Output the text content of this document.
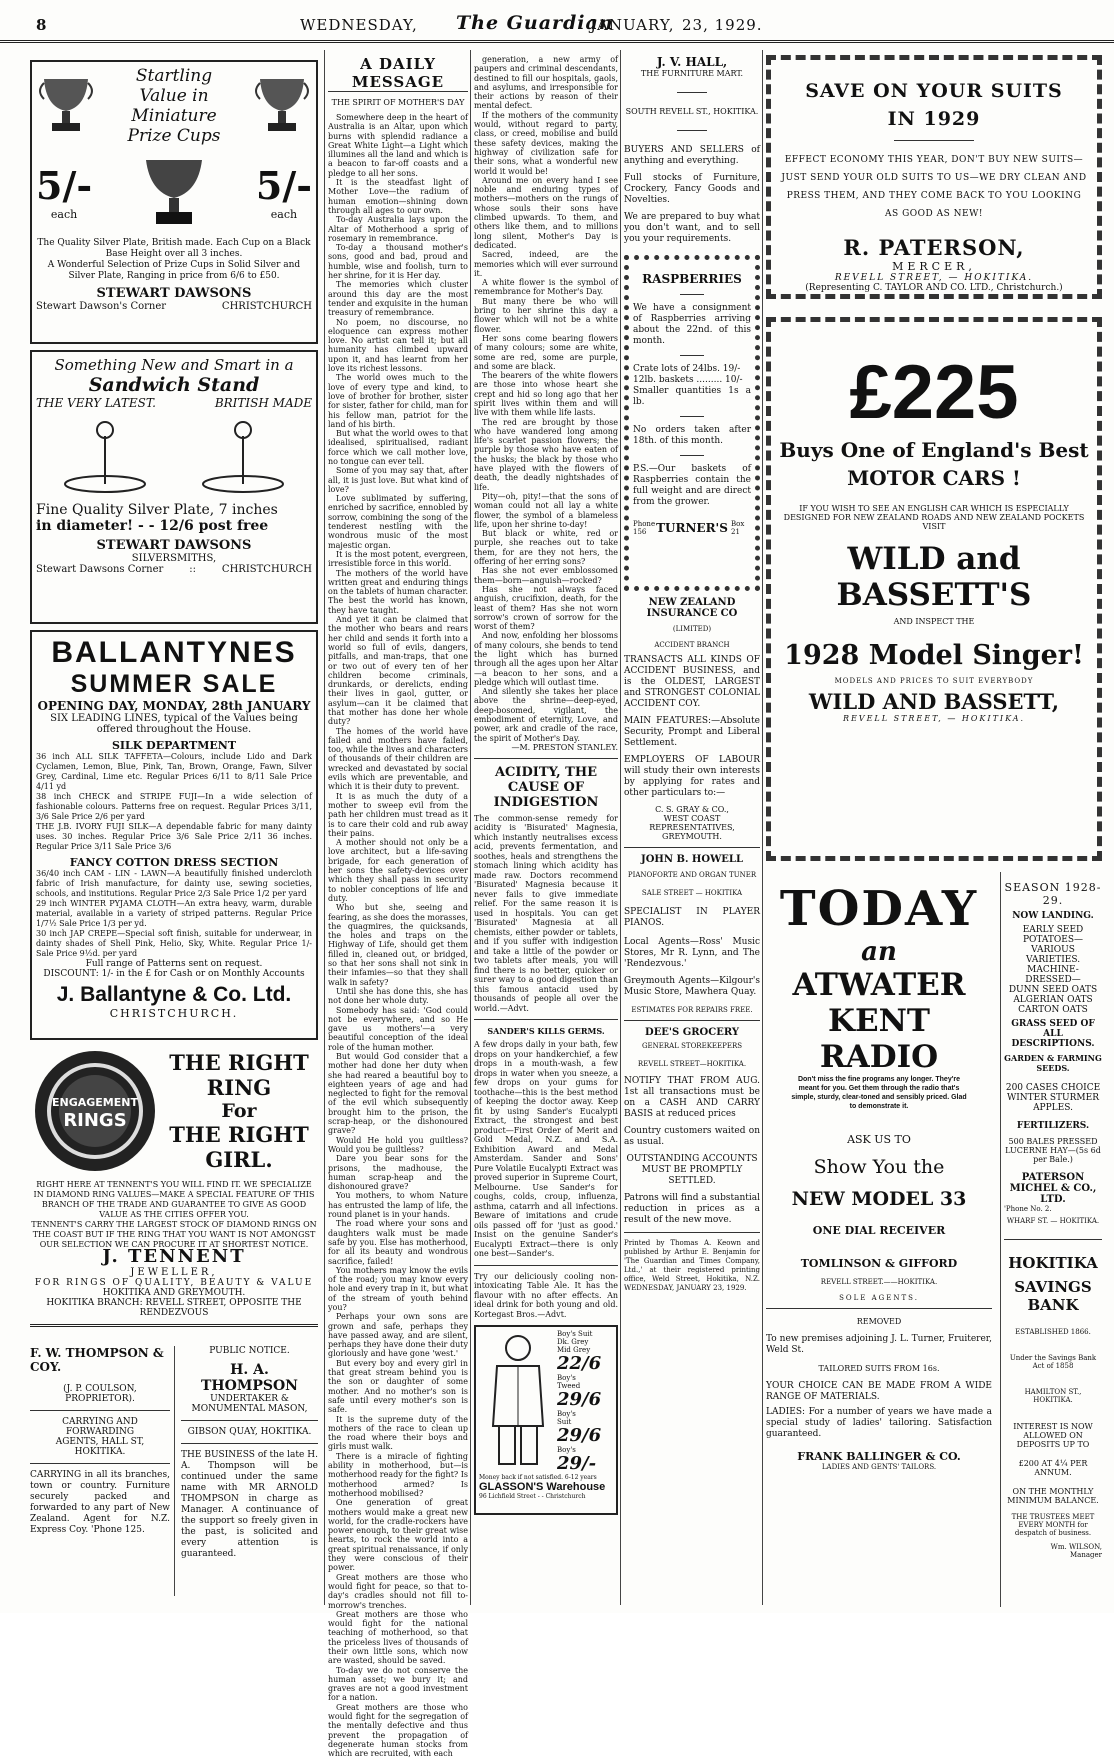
8	WEDNESDAY, The Guardian
JANUARY, 23, 1929.
Startling Value in Miniature Prize Cups
5/-
each
5/-
each
The Quality Silver Plate, British made. Each Cup on a Black Base Height over all 3 inches.
A Wonderful Selection of Prize Cups in Solid Silver and Silver Plate, Ranging in price from 6/6 to £50.
STEWART DAWSONS
Stewart Dawson's Corner	CHRISTCHURCH
Something New and Smart in a
Sandwich Stand
THE VERY LATEST.	BRITISH MADE
Fine Quality Silver Plate, 7 inches
in diameter! - - 12/6 post free
STEWART DAWSONS
SILVERSMITHS,
Stewart Dawsons Corner	::	CHRISTCHURCH
BALLANTYNES
SUMMER SALE
OPENING DAY, MONDAY, 28th JANUARY
SIX LEADING LINES, typical of the Values being offered throughout the House.
SILK DEPARTMENT
36 inch ALL SILK TAFFETA—Colours, include Lido and Dark Cyclamen, Lemon, Blue, Pink, Tan, Brown, Orange, Fawn, Silver Grey, Cardinal, Lime etc. Regular Prices 6/11 to 8/11 Sale Price 4/11 yd
38 inch CHECK and STRIPE FUJI—In a wide selection of fashionable colours. Patterns free on request. Regular Prices 3/11, 3/6 Sale Price 2/6 per yard
THE J.B. IVORY FUJI SILK—A dependable fabric for many dainty uses. 30 inches. Regular Price 3/6 Sale Price 2/11 36 inches. Regular Price 3/11 Sale Price 3/6
FANCY COTTON DRESS SECTION
36/40 inch CAM - LIN - LAWN—A beautifully finished undercloth fabric of Irish manufacture, for dainty use, sewing societies, schools, and institutions. Regular Price 2/3 Sale Price 1/2 per yard
29 inch WINTER PYJAMA CLOTH—An extra heavy, warm, durable material, available in a variety of striped patterns. Regular Price 1/7½ Sale Price 1/3 per yd.
30 inch JAP CREPE—Special soft finish, suitable for underwear, in dainty shades of Shell Pink, Helio, Sky, White. Regular Price 1/- Sale Price 9½d. per yard
Full range of Patterns sent on request.
DISCOUNT: 1/- in the £ for Cash or on Monthly Accounts
J. Ballantyne & Co. Ltd.
CHRISTCHURCH.
ENGAGEMENT
RINGS
THE RIGHT RING
For
THE RIGHT GIRL.
RIGHT HERE AT TENNENT'S YOU WILL FIND IT. WE SPECIALIZE IN DIAMOND RING VALUES—MAKE A SPECIAL FEATURE OF THIS BRANCH OF THE TRADE AND GUARANTEE TO GIVE AS GOOD VALUE AS THE CITIES OFFER YOU.
TENNENT'S CARRY THE LARGEST STOCK OF DIAMOND RINGS ON THE COAST BUT IF THE RING THAT YOU WANT IS NOT AMONGST OUR SELECTION WE CAN PROCURE IT AT SHORTEST NOTICE.
J. TENNENT
JEWELLER,
FOR RINGS OF QUALITY, BEAUTY & VALUE
HOKITIKA AND GREYMOUTH.
HOKITIKA BRANCH: REVELL STREET, OPPOSITE THE RENDEZVOUS
F. W. THOMPSON & COY.
(J. P. COULSON, PROPRIETOR).
CARRYING AND FORWARDING
AGENTS, HALL ST, HOKITIKA.
CARRYING in all its branches, town or country. Furniture securely packed and forwarded to any part of New Zealand. Agent for N.Z. Express Coy. 'Phone 125.
PUBLIC NOTICE.
H. A. THOMPSON
UNDERTAKER & MONUMENTAL MASON,
GIBSON QUAY, HOKITIKA.
THE BUSINESS of the late H. A. Thompson will be continued under the same name with MR ARNOLD THOMPSON in charge as Manager. A continuance of the support so freely given in the past, is solicited and every attention is guaranteed.
A DAILY MESSAGE
THE SPIRIT OF MOTHER'S DAY
Somewhere deep in the heart of Australia is an Altar, upon which burns with splendid radiance a Great White Light—a Light which illumines all the land and which is a beacon to far-off coasts and a pledge to all her sons.
It is the steadfast light of Mother Love—the radium of human emotion—shining down through all ages to our own.
To-day Australia lays upon the Altar of Motherhood a sprig of rosemary in remembrance.
To-day a thousand mother's sons, good and bad, proud and humble, wise and foolish, turn to her shrine, for it is Her day.
The memories which cluster around this day are the most tender and exquisite in the human treasury of remembrance.
No poem, no discourse, no eloquence can express mother love. No artist can tell it; but all humanity has climbed upward upon it, and has learnt from her love its richest lessons.
The world owes much to the love of every type and kind, to love of brother for brother, sister for sister, father for child, man for his fellow man, patriot for the land of his birth.
But what the world owes to that idealised, spiritualised, radiant force which we call mother love, no tongue can ever tell.
Some of you may say that, after all, it is just love. But what kind of love?
Love sublimated by suffering, enriched by sacrifice, ennobled by sorrow, combining the song of the tenderest nestling with the wondrous music of the most majestic organ.
It is the most potent, evergreen, irresistible force in this world.
The mothers of the world have written great and enduring things on the tablets of human character. The best the world has known, they have taught.
And yet it can be claimed that the mother who bears and rears her child and sends it forth into a world so full of evils, dangers, pitfalls, and man-traps, that one or two out of every ten of her children become criminals, drunkards, or derelicts, ending their lives in gaol, gutter, or asylum—can it be claimed that that mother has done her whole duty?
The homes of the world have failed and mothers have failed, too, while the lives and characters of thousands of their children are wrecked and devastated by social evils which are preventable, and which it is their duty to prevent.
It is as much the duty of a mother to sweep evil from the path her children must tread as it is to care their cold and rub away their pains.
A mother should not only be a love architect, but a life-saving brigade, for each generation of her sons the safety-devices over which they shall pass in security to nobler conceptions of life and duty.
Who but she, seeing and fearing, as she does the morasses, the quagmires, the quicksands, the holes and traps on the Highway of Life, should get them filled in, cleaned out, or bridged, so that her sons shall not sink in their infamies—so that they shall walk in safety?
Until she has done this, she has not done her whole duty.
Somebody has said: 'God could not be everywhere, and so He gave us mothers'—a very beautiful conception of the ideal role of the human mother.
But would God consider that a mother had done her duty when she had reared a beautiful boy to eighteen years of age and had neglected to fight for the removal of the evil which subsequently brought him to the prison, the scrap-heap, or the dishonoured grave?
Would He hold you guiltless? Would you be guiltless?
Dare you bear sons for the prisons, the madhouse, the human scrap-heap and the dishonoured grave?
You mothers, to whom Nature has entrusted the lamp of life, the round planet is in your hands.
The road where your sons and daughters walk must be made safe by you. Else has motherhood, for all its beauty and wondrous sacrifice, failed!
You mothers may know the evils of the road; you may know every hole and every trap in it, but what of the stream of youth behind you?
Perhaps your own sons are grown and safe, perhaps they have passed away, and are silent, perhaps they have done their duty gloriously and have gone 'west.'
But every boy and every girl in that great stream behind you is the son or daughter of some mother. And no mother's son is safe until every mother's son is safe.
It is the supreme duty of the mothers of the race to clean up the road where their boys and girls must walk.
There is a miracle of fighting ability in motherhood, but—is motherhood ready for the fight? Is motherhood armed? Is motherhood mobilised?
One generation of great mothers would make a great new world, for the cradle-rockers have power enough, to their great wise hearts, to rock the world into a great spiritual renaissance, if only they were conscious of their power.
Great mothers are those who would fight for peace, so that to-day's cradles should not fill to-morrow's trenches.
Great mothers are those who would fight for the national teaching of motherhood, so that the priceless lives of thousands of their own little sons, which now are wasted, should be saved.
To-day we do not conserve the human asset; we bury it; and graves are not a good investment for a nation.
Great mothers are those who would fight for the segregation of the mentally defective and thus prevent the propagation of degenerate human stocks from which are recruited, with each
generation, a new army of paupers and criminal descendants, destined to fill our hospitals, gaols, and asylums, and irresponsible for their actions by reason of their mental defect.
If the mothers of the community would, without regard to party, class, or creed, mobilise and build these safety devices, making the highway of civilization safe for their sons, what a wonderful new world it would be!
Around me on every hand I see noble and enduring types of mothers—mothers on the rungs of whose souls their sons have climbed upwards. To them, and others like them, and to millions long silent, Mother's Day is dedicated.
Sacred, indeed, are the memories which will ever surround it.
A white flower is the symbol of remembrance for Mother's Day.
But many there be who will bring to her shrine this day a flower which will not be a white flower.
Her sons come bearing flowers of many colours; some are white, some are red, some are purple, and some are black.
The bearers of the white flowers are those into whose heart she crept and hid so long ago that her spirit lives within them and will live with them while life lasts.
The red are brought by those who have wandered long among life's scarlet passion flowers; the purple by those who have eaten of the husks; the black by those who have played with the flowers of death, the deadly nightshades of life.
Pity—oh, pity!—that the sons of woman could not all lay a white flower, the symbol of a blameless life, upon her shrine to-day!
But black or white, red or purple, she reaches out to take them, for are they not hers, the offering of her erring sons?
Has she not ever emblossomed them—born—anguish—rocked?
Has she not always faced anguish, crucifixion, death, for the least of them? Has she not worn sorrow's crown of sorrow for the worst of them?
And now, enfolding her blossoms of many colours, she bends to tend the light which has burned through all the ages upon her Altar—a beacon to her sons, and a pledge which will outlast time.
And silently she takes her place above the shrine—deep-eyed, deep-bosomed, vigilant, the embodiment of eternity, Love, and power, ark and cradle of the race, the spirit of Mother's Day.
—M. PRESTON STANLEY.
ACIDITY, THE CAUSE OF INDIGESTION
The common-sense remedy for acidity is 'Bisurated' Magnesia, which instantly neutralises excess acid, prevents fermentation, and soothes, heals and strengthens the stomach lining which acidity has made raw. Doctors recommend 'Bisurated' Magnesia because it never fails to give immediate relief. For the same reason it is used in hospitals. You can get 'Bisurated' Magnesia at all chemists, either powder or tablets, and if you suffer with indigestion and take a little of the powder or two tablets after meals, you will find there is no better, quicker or surer way to a good digestion than this famous antacid used by thousands of people all over the world.—Advt.
SANDER'S KILLS GERMS.
A few drops daily in your bath, few drops on your handkerchief, a few drops in a mouth-wash, a few drops in water when you sneeze, a few drops on your gums for toothache—this is the best method of keeping the doctor away. Keep fit by using Sander's Eucalypti Extract, the strongest and best product—First Order of Merit and Gold Medal, N.Z. and S.A. Exhibition Award and Medal Amsterdam. Sander and Sons' Pure Volatile Eucalypti Extract was proved superior in Supreme Court, Melbourne. Use Sander's for coughs, colds, croup, influenza, asthma, catarrh and all infections. Beware of imitations and crude oils passed off for 'just as good.' Insist on the genuine Sander's Eucalypti Extract—there is only one best—Sander's.
Try our deliciously cooling non-intoxicating Table Ale. It has the flavour with no after effects. An ideal drink for both young and old. Kortegast Bros.—Advt.
Boy's Suit
Dk. Grey
Mid Grey
22/6
Boy's
Tweed
29/6
Boy's
Suit
29/6
Boy's
29/-
Money back if not satisfied. 6-12 years
GLASSON'S Warehouse
96 Lichfield Street - - Christchurch
J. V. HALL,
THE FURNITURE MART.
SOUTH REVELL ST., HOKITIKA.
BUYERS AND SELLERS of anything and everything.
Full stocks of Furniture, Crockery, Fancy Goods and Novelties.
We are prepared to buy what you don't want, and to sell you your requirements.
RASPBERRIES
We have a consignment of Raspberries arriving about the 22nd. of this month.
Crate lots of 24lbs. 19/-
12lb. baskets ......... 10/-
Smaller quantities 1s a lb.
No orders taken after 18th. of this month.
P.S.—Our baskets of Raspberries contain the full weight and are direct from the grower.
Phone 156 TURNER'S Box 21
NEW ZEALAND INSURANCE CO
(LIMITED)
ACCIDENT BRANCH
TRANSACTS ALL KINDS OF ACCIDENT BUSINESS, and is the OLDEST, LARGEST and STRONGEST COLONIAL ACCIDENT COY.
MAIN FEATURES:—Absolute Security, Prompt and Liberal Settlement.
EMPLOYERS OF LABOUR will study their own interests by applying for rates and other particulars to:—
C. S. GRAY & CO.,
WEST COAST REPRESENTATIVES,
GREYMOUTH.
JOHN B. HOWELL
PIANOFORTE AND ORGAN TUNER
SALE STREET — HOKITIKA
SPECIALIST IN PLAYER PIANOS.
Local Agents—Ross' Music Stores, Mr R. Lynn, and The 'Rendezvous.'
Greymouth Agents—Kilgour's Music Store, Mawhera Quay.
ESTIMATES FOR REPAIRS FREE.
DEE'S GROCERY
GENERAL STOREKEEPERS
REVELL STREET—HOKITIKA.
NOTIFY THAT FROM AUG. 1st all transactions must be on a CASH AND CARRY BASIS at reduced prices
Country customers waited on as usual.
OUTSTANDING ACCOUNTS MUST BE PROMPTLY SETTLED.
Patrons will find a substantial reduction in prices as a result of the new move.
Printed by Thomas A. Keown and published by Arthur E. Benjamin for 'The Guardian and Times Company, Ltd.,' at their registered printing office, Weld Street, Hokitika, N.Z. WEDNESDAY, JANUARY 23, 1929.
SAVE ON YOUR SUITS
IN 1929
EFFECT ECONOMY THIS YEAR, DON'T BUY NEW SUITS—JUST SEND YOUR OLD SUITS TO US—WE DRY CLEAN AND PRESS THEM, AND THEY COME BACK TO YOU LOOKING AS GOOD AS NEW!
R. PATERSON,
MERCER,
REVELL STREET, — HOKITIKA.
(Representing C. TAYLOR AND CO. LTD., Christchurch.)
£225
Buys One of England's Best
MOTOR CARS !
IF YOU WISH TO SEE AN ENGLISH CAR WHICH IS ESPECIALLY DESIGNED FOR NEW ZEALAND ROADS AND NEW ZEALAND POCKETS VISIT
WILD and BASSETT'S
AND INSPECT THE
1928 Model Singer!
MODELS AND PRICES TO SUIT EVERYBODY
WILD AND BASSETT,
REVELL STREET, — HOKITIKA.
TODAY
an
ATWATER
KENT
RADIO
Don't miss the fine programs any longer. They're meant for you. Get them through the radio that's simple, sturdy, clear-toned and sensibly priced. Glad to demonstrate it.
ASK US TO
Show You the
NEW MODEL 33
ONE DIAL RECEIVER
TOMLINSON & GIFFORD
REVELL STREET.——HOKITIKA.
SOLE AGENTS.
REMOVED
To new premises adjoining J. L. Turner, Fruiterer, Weld St.
TAILORED SUITS FROM 16s.
YOUR CHOICE CAN BE MADE FROM A WIDE RANGE OF MATERIALS.
LADIES: For a number of years we have made a special study of ladies' tailoring. Satisfaction guaranteed.
FRANK BALLINGER & CO.
LADIES AND GENTS' TAILORS.
SEASON 1928-29.
NOW LANDING.
EARLY SEED POTATOES—
VARIOUS VARIETIES.
MACHINE-DRESSED—
DUNN SEED OATS
ALGERIAN OATS
CARTON OATS
GRASS SEED OF ALL DESCRIPTIONS.
GARDEN & FARMING SEEDS.
200 CASES CHOICE WINTER STURMER APPLES.
FERTILIZERS.
500 BALES PRESSED LUCERNE HAY—(5s 6d per Bale.)
PATERSON MICHEL & CO., LTD.
'Phone No. 2.
WHARF ST. — HOKITIKA.
HOKITIKA
SAVINGS BANK
ESTABLISHED 1866.
Under the Savings Bank Act of 1858
HAMILTON ST., HOKITIKA.
INTEREST IS NOW ALLOWED ON DEPOSITS UP TO
£200 AT 4¼ PER ANNUM.
ON THE MONTHLY MINIMUM BALANCE.
THE TRUSTEES MEET EVERY MONTH for despatch of business.
Wm. WILSON,
Manager
